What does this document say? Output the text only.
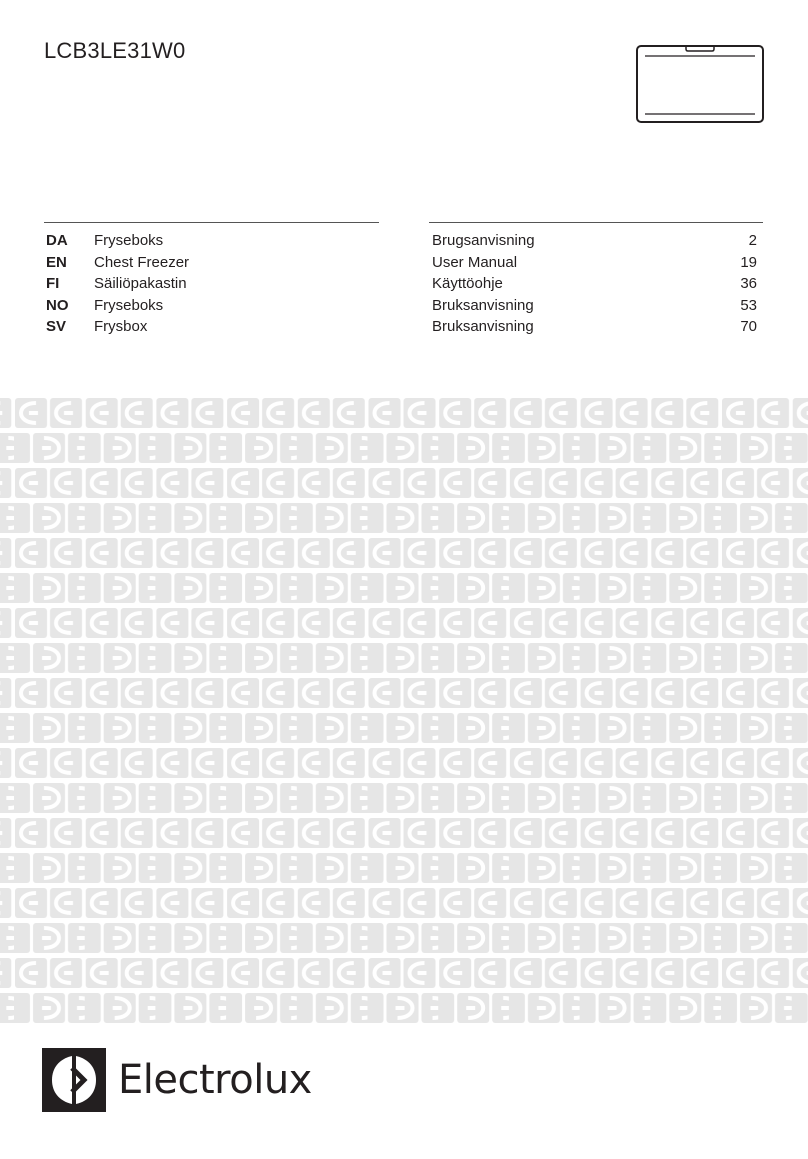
LCB3LE31W0
DA Fryseboks	Brugsanvisning	2
EN Chest Freezer	User Manual	19
FI Säiliöpakastin	Käyttöohje	36
NO Fryseboks	Bruksanvisning	53
SV Frysbox	Bruksanvisning	70
Electrolux
